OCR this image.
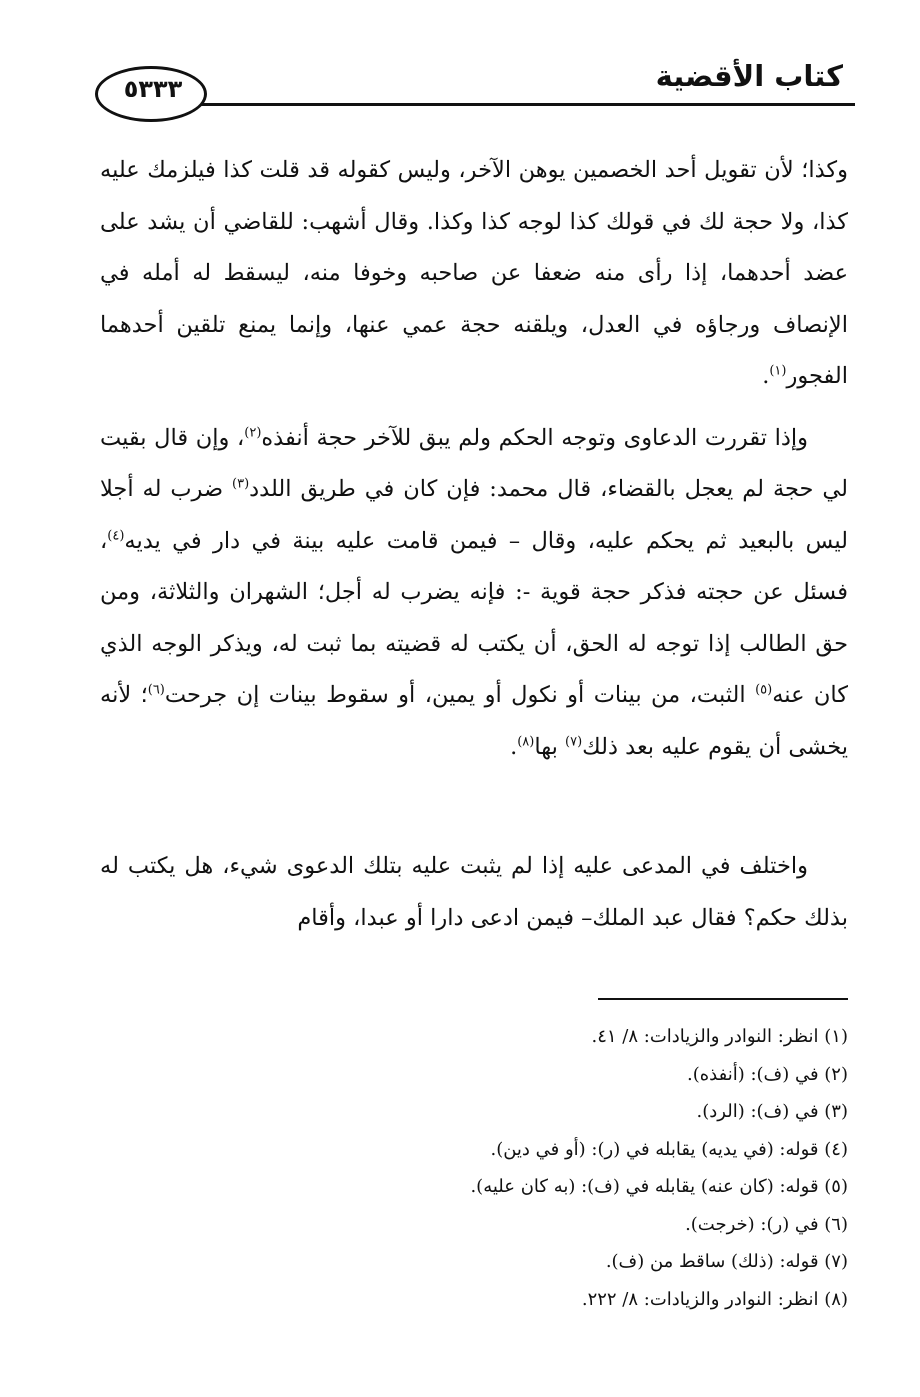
٥٣٣٣	كتاب الأقضية

وكذا؛ لأن تقويل أحد الخصمين يوهن الآخر، وليس كقوله قد قلت كذا فيلزمك عليه كذا، ولا حجة لك في قولك كذا لوجه كذا وكذا. وقال أشهب: للقاضي أن يشد على عضد أحدهما، إذا رأى منه ضعفا عن صاحبه وخوفا منه، ليسقط له أمله في الإنصاف ورجاؤه في العدل، ويلقنه حجة عمي عنها، وإنما يمنع تلقين أحدهما الفجور$^{(١)}$.

وإذا تقررت الدعاوى وتوجه الحكم ولم يبق للآخر حجة أنفذه$^{(٢)}$، وإن قال بقيت لي حجة لم يعجل بالقضاء، قال محمد: فإن كان في طريق اللدد$^{(٣)}$ ضرب له أجلا ليس بالبعيد ثم يحكم عليه، وقال – فيمن قامت عليه بينة في دار في يديه$^{(٤)}$، فسئل عن حجته فذكر حجة قوية -: فإنه يضرب له أجل؛ الشهران والثلاثة، ومن حق الطالب إذا توجه له الحق، أن يكتب له قضيته بما ثبت له، ويذكر الوجه الذي كان عنه$^{(٥)}$ الثبت، من بينات أو نكول أو يمين، أو سقوط بينات إن جرحت$^{(٦)}$؛ لأنه يخشى أن يقوم عليه بعد ذلك$^{(٧)}$ بها$^{(٨)}$.

واختلف في المدعى عليه إذا لم يثبت عليه بتلك الدعوى شيء، هل يكتب له بذلك حكم؟ فقال عبد الملك– فيمن ادعى دارا أو عبدا، وأقام

(١) انظر: النوادر والزيادات: ٨/ ٤١.
(٢) في (ف): (أنفذه).
(٣) في (ف): (الرد).
(٤) قوله: (في يديه) يقابله في (ر): (أو في دين).
(٥) قوله: (كان عنه) يقابله في (ف): (به كان عليه).
(٦) في (ر): (خرجت).
(٧) قوله: (ذلك) ساقط من (ف).
(٨) انظر: النوادر والزيادات: ٨/ ٢٢٢.
